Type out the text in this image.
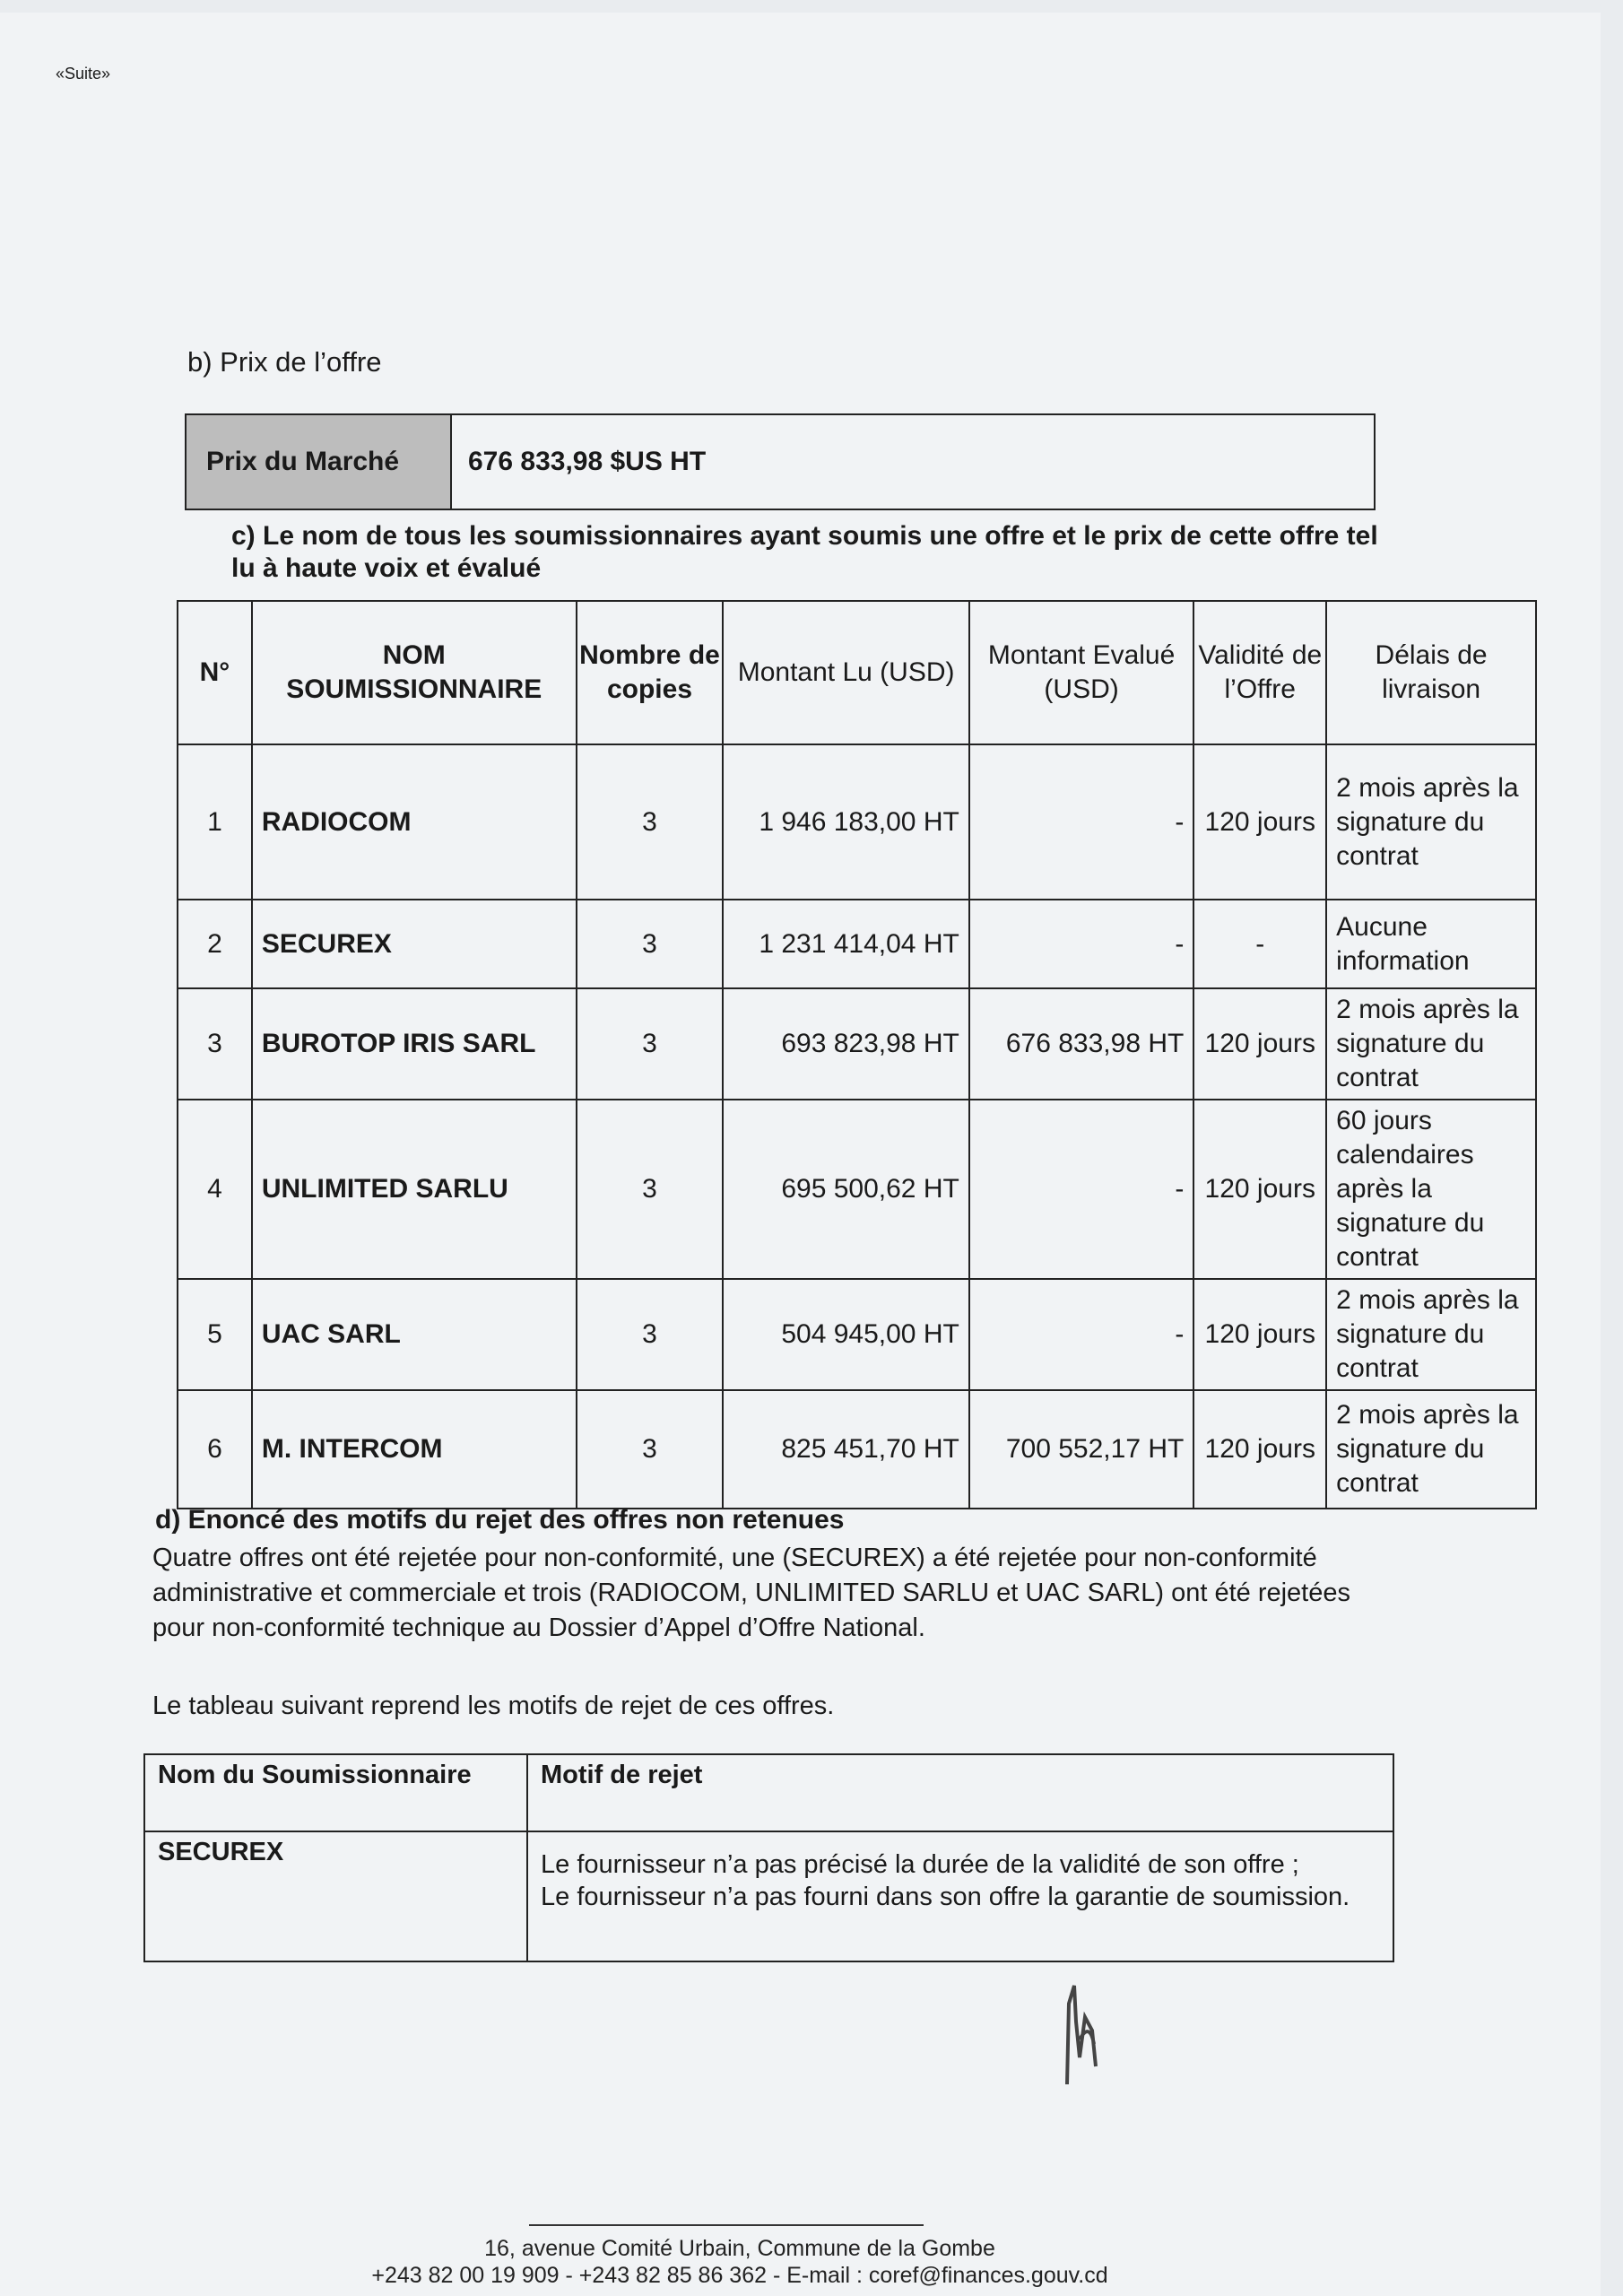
«Suite»
b) Prix de l’offre
Prix du Marché	676 833,98 $US HT
c) Le nom de tous les soumissionnaires ayant soumis une offre et le prix de cette offre tel lu à haute voix et évalué
N°	NOM SOUMISSIONNAIRE	Nombre de copies	Montant Lu (USD)	Montant Evalué (USD)	Validité de l’Offre	Délais de livraison
1	RADIOCOM	3	1 946 183,00 HT	-	120 jours	2 mois après la signature du contrat
2	SECUREX	3	1 231 414,04 HT	-	-	Aucune information
3	BUROTOP IRIS SARL	3	693 823,98 HT	676 833,98 HT	120 jours	2 mois après la signature du contrat
4	UNLIMITED SARLU	3	695 500,62 HT	-	120 jours	60 jours calendaires après la signature du contrat
5	UAC SARL	3	504 945,00 HT	-	120 jours	2 mois après la signature du contrat
6	M. INTERCOM	3	825 451,70 HT	700 552,17 HT	120 jours	2 mois après la signature du contrat
d) Enoncé des motifs du rejet des offres non retenues
Quatre offres ont été rejetée pour non-conformité, une (SECUREX) a été rejetée pour non-conformité administrative et commerciale et trois (RADIOCOM, UNLIMITED SARLU et UAC SARL) ont été rejetées pour non-conformité technique au Dossier d’Appel d’Offre National.
Le tableau suivant reprend les motifs de rejet de ces offres.
Nom du Soumissionnaire	Motif de rejet
SECUREX	Le fournisseur n’a pas précisé la durée de la validité de son offre ;
Le fournisseur n’a pas fourni dans son offre la garantie de soumission.
16, avenue Comité Urbain, Commune de la Gombe
+243 82 00 19 909 - +243 82 85 86 362 - E-mail : coref@finances.gouv.cd
